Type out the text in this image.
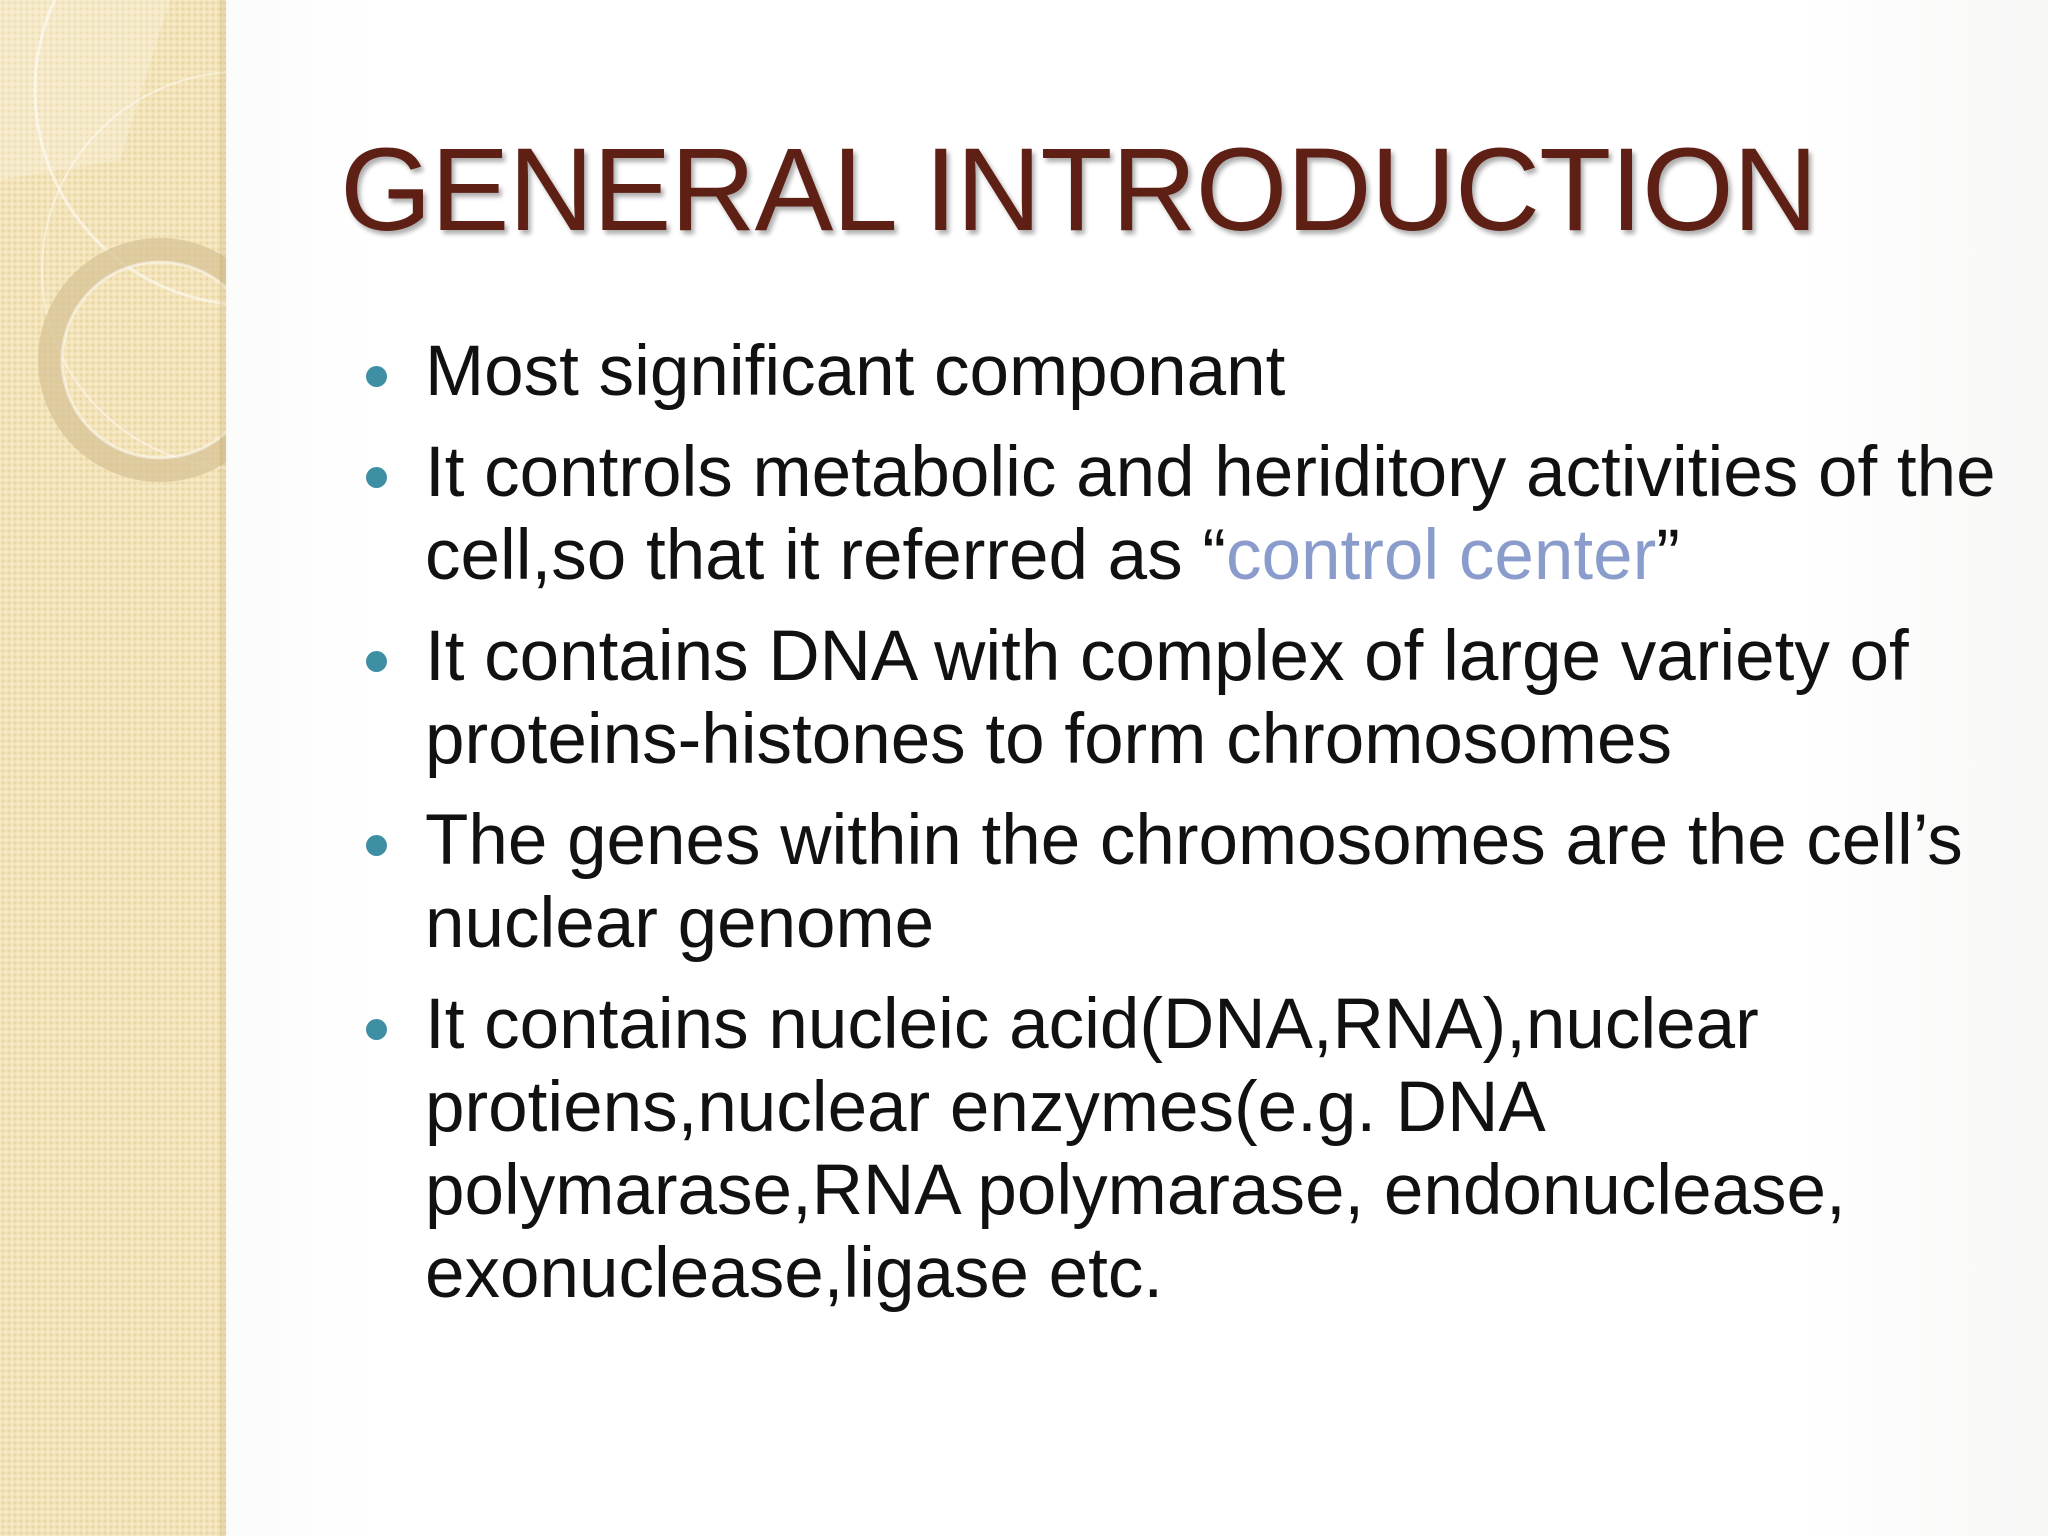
GENERAL INTRODUCTION
Most significant componant
It controls metabolic and heriditory activities of the cell,so that it referred as “control center”
It contains DNA with complex of large variety of proteins-histones to form chromosomes
The genes within the chromosomes are the cell’s nuclear genome
It contains nucleic acid(DNA,RNA),nuclear protiens,nuclear enzymes(e.g. DNA polymarase,RNA polymarase, endonuclease, exonuclease,ligase etc.
